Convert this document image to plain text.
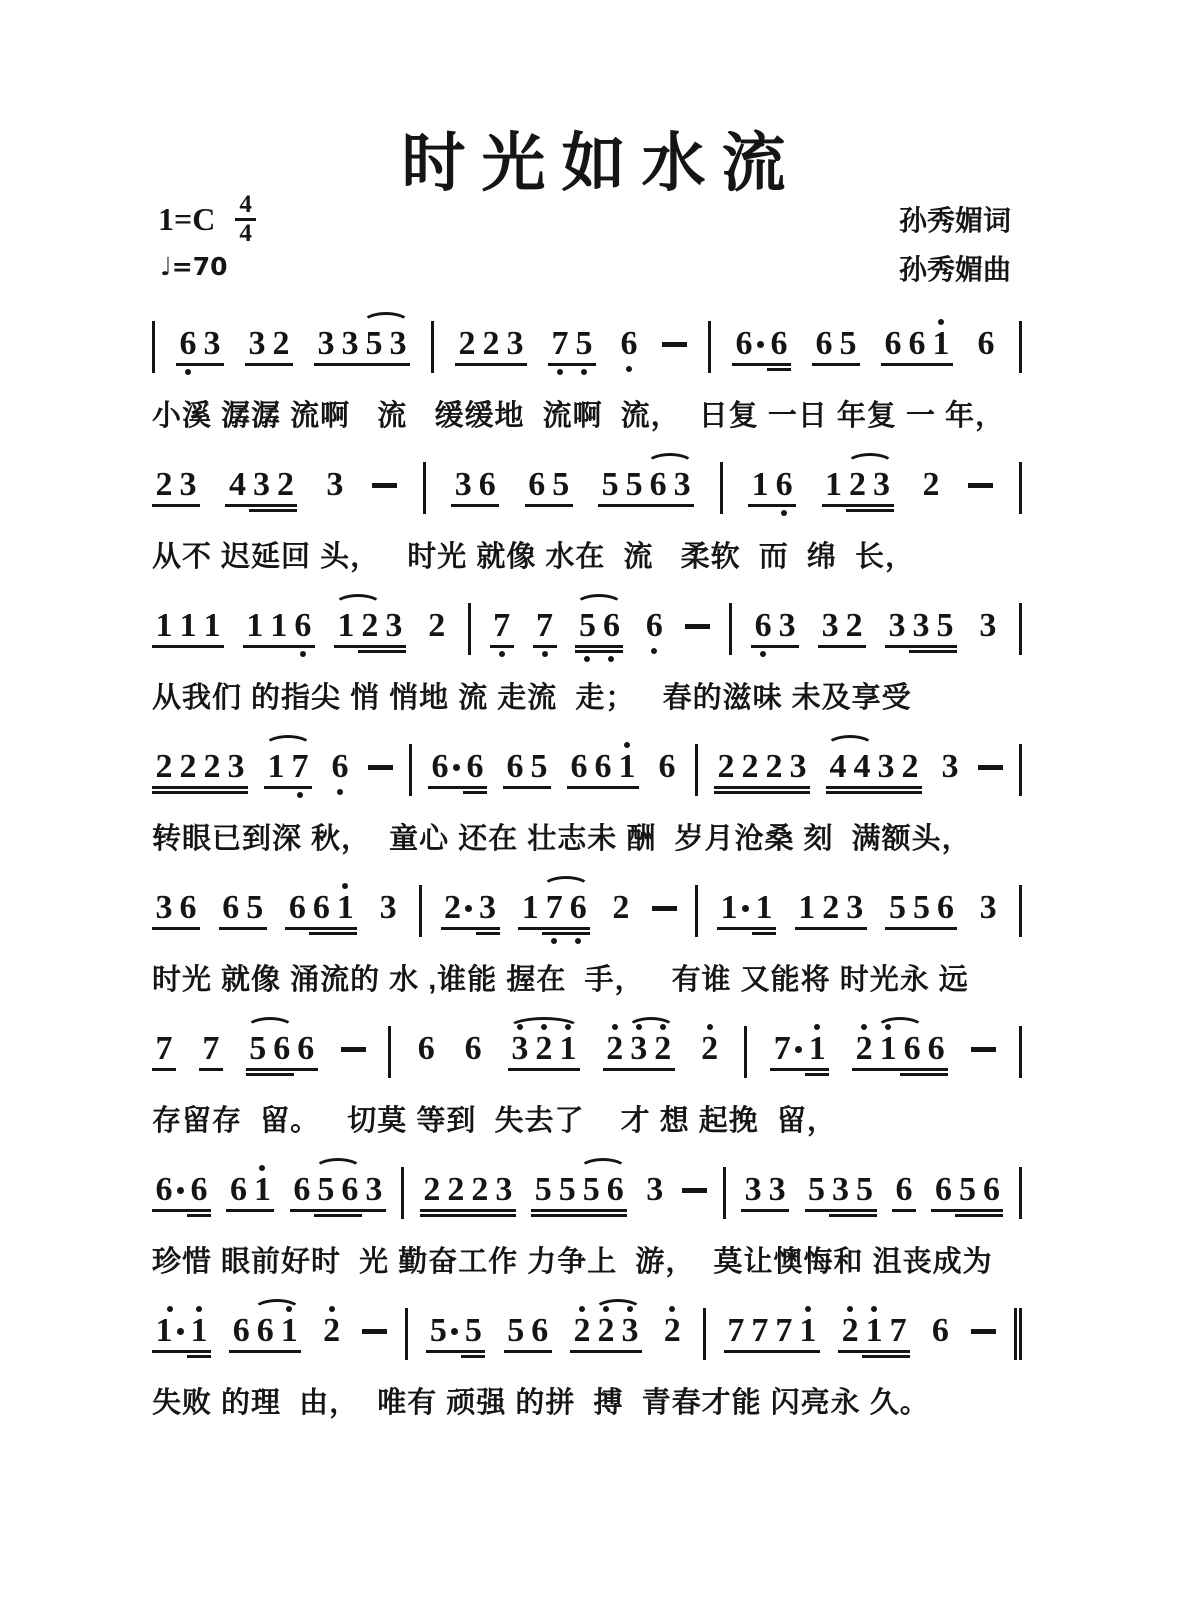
时光如水流
$1=C \frac{4}{4}$
♩=70
孙秀媚词
孙秀媚曲
6 3 3 2 3 3 5 3 2 2 3 7 5 6	6 6 6 5 6 6 1 6
小溪 潺潺 流啊   流   缓缓地  流啊  流，  日复 一日 年复 一 年，
2 3 4 3 2 3	3 6 6 5 5 5 6 3 1 6 1 2 3 2
从不 迟延回 头，   时光 就像 水在  流   柔软  而  绵  长，
1 1 1 1 1 6 1 2 3 2 7 7 5 6 6	6 3 3 2 3 3 5 3
从我们 的指尖 悄 悄地 流 走流  走；   春的滋味 未及享受
2 2 2 3 1 7 6 6 6 6 5 6 6 1 6 2 2 2 3 4 4 3 2 3
转眼已到深 秋，  童心 还在 壮志未 酬  岁月沧桑 刻  满额头，
3 6 6 5 6 6 1 3 2 3 1 7 6 2	1 1 1 2 3 5 5 6 3
时光 就像 涌流的 水 ,谁能 握在  手，   有谁 又能将 时光永 远
7 7 5 6 6	6 6 3 2 1 2 3 2 2 7 1 2 1 6 6
存留存  留。   切莫 等到  失去了    才 想 起挽  留，
6 6 6 1 6 5 6 3 2 2 2 3 5 5 5 6 3 3 3 5 3 5 6 6 5 6
珍惜 眼前好时  光 勤奋工作 力争上  游，  莫让懊悔和 沮丧成为
1 1 6 6 1 2	5 5 5 6 2 2 3 2 7 7 7 1 2 1 7 6
失败 的理  由，  唯有 顽强 的拼  搏  青春才能 闪亮永 久。
